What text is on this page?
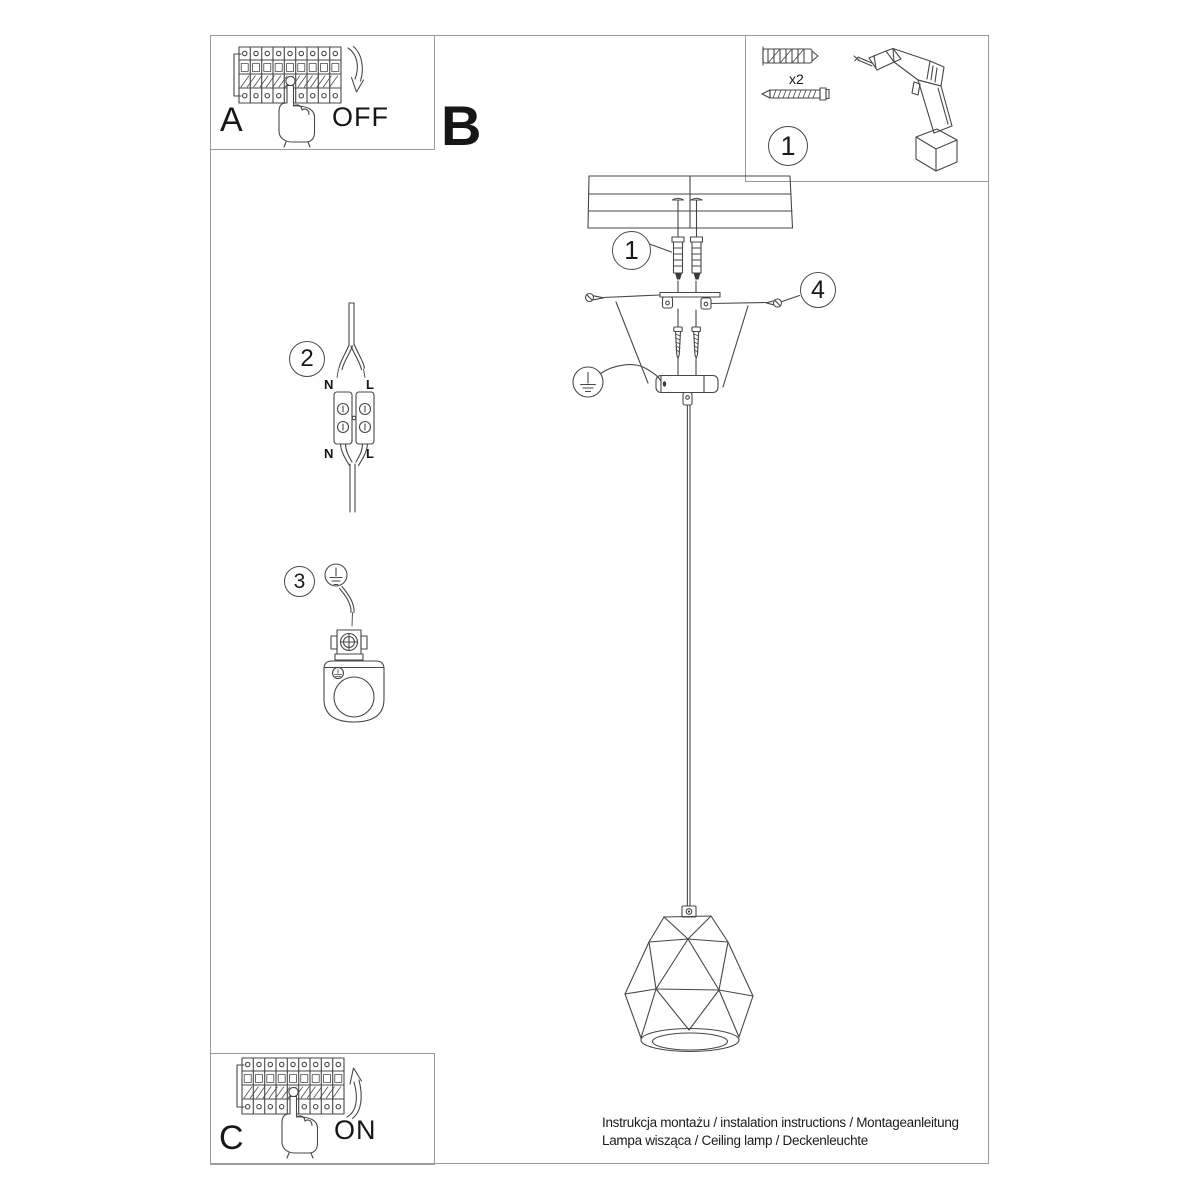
A	OFF B
x2
1
1
4
2
3
N	L
N	L
C	ON	Instrukcja montażu / instalation instructions / Montageanleitung
Lampa wisząca / Ceiling lamp / Deckenleuchte
